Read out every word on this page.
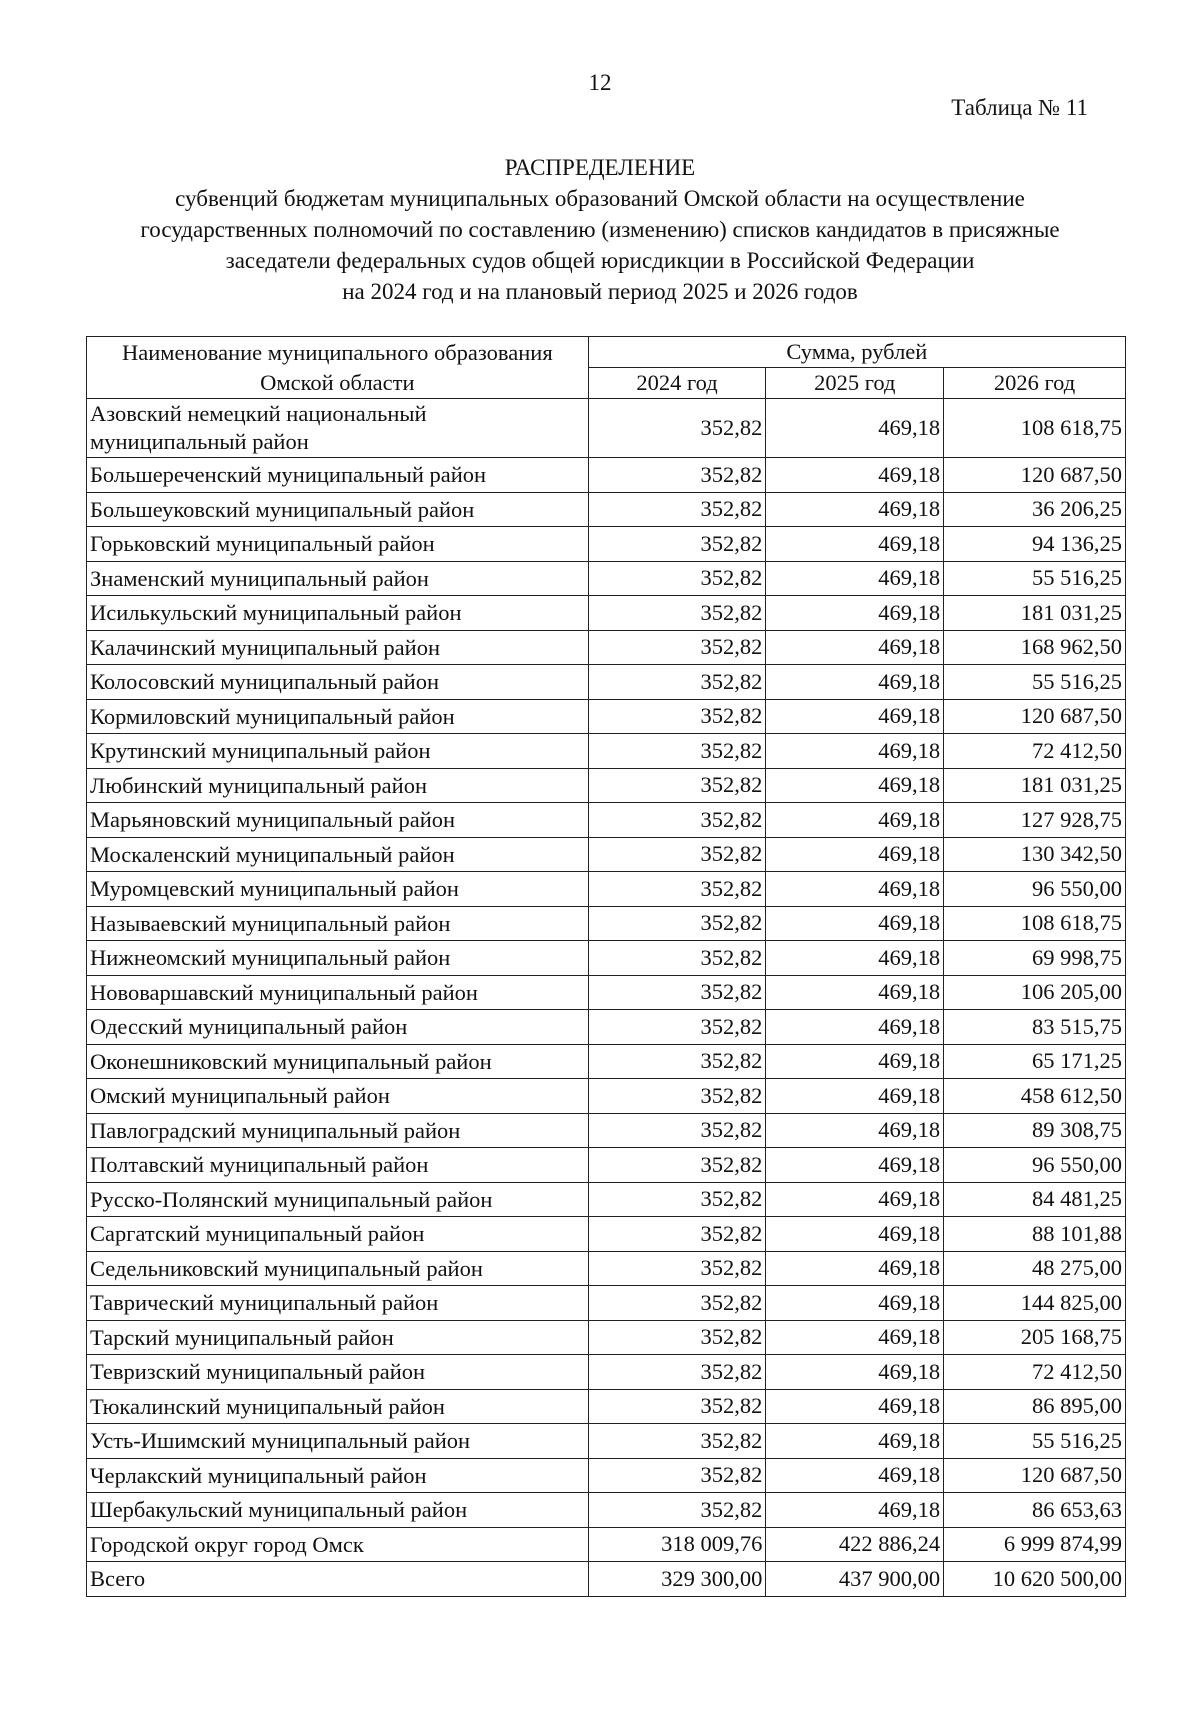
12
Таблица № 11
РАСПРЕДЕЛЕНИЕ
субвенций бюджетам муниципальных образований Омской области на осуществление
государственных полномочий по составлению (изменению) списков кандидатов в присяжные
заседатели федеральных судов общей юрисдикции в Российской Федерации
на 2024 год и на плановый период 2025 и 2026 годов
Наименование муниципального образования Омской области	Сумма, рублей		
	2024 год	2025 год	2026 год
Азовский немецкий национальный муниципальный район	352,82	469,18	108 618,75
Большереченский муниципальный район	352,82	469,18	120 687,50
Большеуковский муниципальный район	352,82	469,18	36 206,25
Горьковский муниципальный район	352,82	469,18	94 136,25
Знаменский муниципальный район	352,82	469,18	55 516,25
Исилькульский муниципальный район	352,82	469,18	181 031,25
Калачинский муниципальный район	352,82	469,18	168 962,50
Колосовский муниципальный район	352,82	469,18	55 516,25
Кормиловский муниципальный район	352,82	469,18	120 687,50
Крутинский муниципальный район	352,82	469,18	72 412,50
Любинский муниципальный район	352,82	469,18	181 031,25
Марьяновский муниципальный район	352,82	469,18	127 928,75
Москаленский муниципальный район	352,82	469,18	130 342,50
Муромцевский муниципальный район	352,82	469,18	96 550,00
Называевский муниципальный район	352,82	469,18	108 618,75
Нижнеомский муниципальный район	352,82	469,18	69 998,75
Нововаршавский муниципальный район	352,82	469,18	106 205,00
Одесский муниципальный район	352,82	469,18	83 515,75
Оконешниковский муниципальный район	352,82	469,18	65 171,25
Омский муниципальный район	352,82	469,18	458 612,50
Павлоградский муниципальный район	352,82	469,18	89 308,75
Полтавский муниципальный район	352,82	469,18	96 550,00
Русско-Полянский муниципальный район	352,82	469,18	84 481,25
Саргатский муниципальный район	352,82	469,18	88 101,88
Седельниковский муниципальный район	352,82	469,18	48 275,00
Таврический муниципальный район	352,82	469,18	144 825,00
Тарский муниципальный район	352,82	469,18	205 168,75
Тевризский муниципальный район	352,82	469,18	72 412,50
Тюкалинский муниципальный район	352,82	469,18	86 895,00
Усть-Ишимский муниципальный район	352,82	469,18	55 516,25
Черлакский муниципальный район	352,82	469,18	120 687,50
Шербакульский муниципальный район	352,82	469,18	86 653,63
Городской округ город Омск	318 009,76	422 886,24	6 999 874,99
Всего	329 300,00	437 900,00	10 620 500,00
